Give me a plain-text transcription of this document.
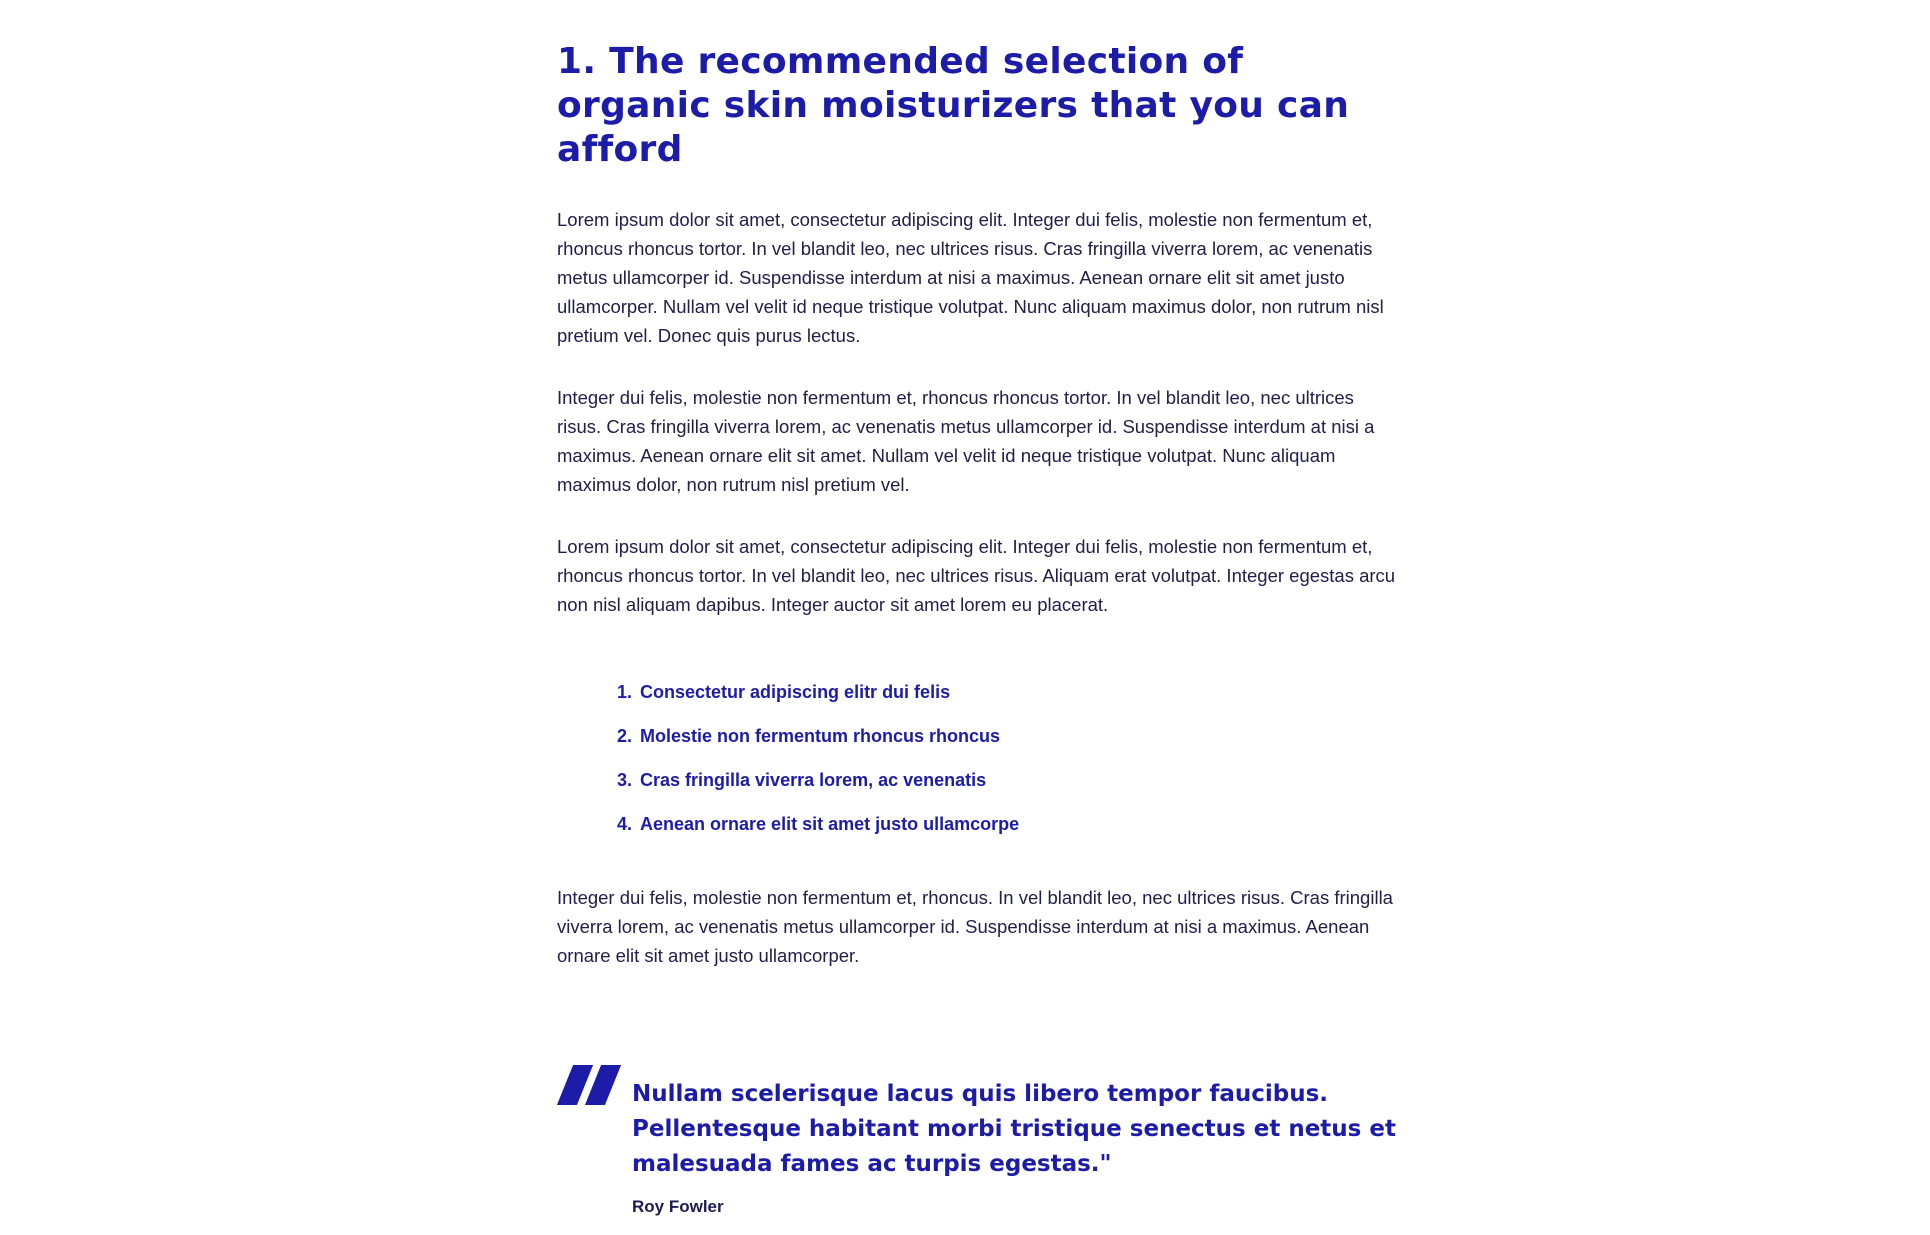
1. The recommended selection of organic skin moisturizers that you can afford

Lorem ipsum dolor sit amet, consectetur adipiscing elit. Integer dui felis, molestie non fermentum et, rhoncus rhoncus tortor. In vel blandit leo, nec ultrices risus. Cras fringilla viverra lorem, ac venenatis metus ullamcorper id. Suspendisse interdum at nisi a maximus. Aenean ornare elit sit amet justo ullamcorper. Nullam vel velit id neque tristique volutpat. Nunc aliquam maximus dolor, non rutrum nisl pretium vel. Donec quis purus lectus.

Integer dui felis, molestie non fermentum et, rhoncus rhoncus tortor. In vel blandit leo, nec ultrices risus. Cras fringilla viverra lorem, ac venenatis metus ullamcorper id. Suspendisse interdum at nisi a maximus. Aenean ornare elit sit amet. Nullam vel velit id neque tristique volutpat. Nunc aliquam maximus dolor, non rutrum nisl pretium vel.

Lorem ipsum dolor sit amet, consectetur adipiscing elit. Integer dui felis, molestie non fermentum et, rhoncus rhoncus tortor. In vel blandit leo, nec ultrices risus. Aliquam erat volutpat. Integer egestas arcu non nisl aliquam dapibus. Integer auctor sit amet lorem eu placerat.

1. Consectetur adipiscing elitr dui felis
2. Molestie non fermentum rhoncus rhoncus
3. Cras fringilla viverra lorem, ac venenatis
4. Aenean ornare elit sit amet justo ullamcorpe

Integer dui felis, molestie non fermentum et, rhoncus. In vel blandit leo, nec ultrices risus. Cras fringilla viverra lorem, ac venenatis metus ullamcorper id. Suspendisse interdum at nisi a maximus. Aenean ornare elit sit amet justo ullamcorper.

Nullam scelerisque lacus quis libero tempor faucibus. Pellentesque habitant morbi tristique senectus et netus et malesuada fames ac turpis egestas."

Roy Fowler
